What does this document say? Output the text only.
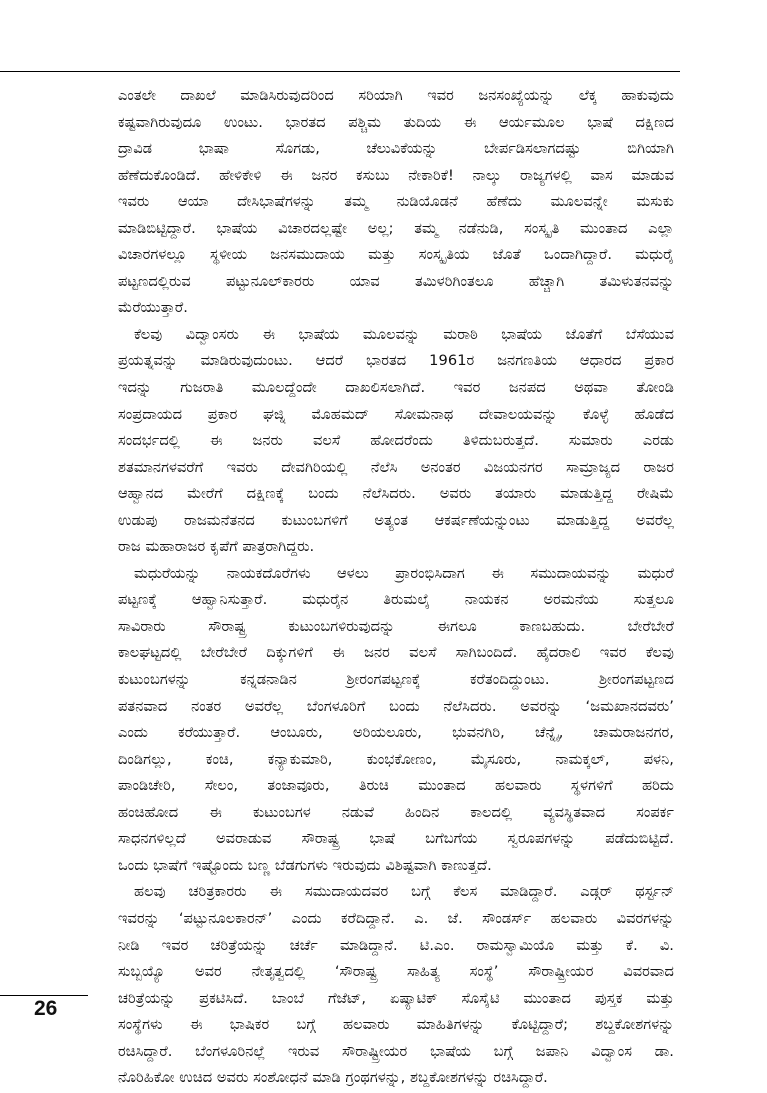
ಎಂತಲೇ ದಾಖಲೆ ಮಾಡಿಸಿರುವುದರಿಂದ ಸರಿಯಾಗಿ ಇವರ ಜನಸಂಖ್ಯೆಯನ್ನು ಲೆಕ್ಕ ಹಾಕುವುದು
ಕಷ್ಟವಾಗಿರುವುದೂ ಉಂಟು. ಭಾರತದ ಪಶ್ಚಿಮ ತುದಿಯ ಈ ಆರ್ಯಮೂಲ ಭಾಷೆ ದಕ್ಷಿಣದ
ದ್ರಾವಿಡ ಭಾಷಾ ಸೊಗಡು, ಚೆಲುವಿಕೆಯನ್ನು ಬೇರ್ಪಡಿಸಲಾಗದಷ್ಟು ಬಿಗಿಯಾಗಿ
ಹೆಣೆದುಕೊಂಡಿದೆ. ಹೇಳಿಕೇಳಿ ಈ ಜನರ ಕಸುಬು ನೇಕಾರಿಕೆ! ನಾಲ್ಕು ರಾಜ್ಯಗಳಲ್ಲಿ ವಾಸ ಮಾಡುವ
ಇವರು ಆಯಾ ದೇಸಿಭಾಷೆಗಳನ್ನು ತಮ್ಮ ನುಡಿಯೊಡನೆ ಹೆಣೆದು ಮೂಲವನ್ನೇ ಮಸುಕು
ಮಾಡಿಬಿಟ್ಟಿದ್ದಾರೆ. ಭಾಷೆಯ ವಿಚಾರದಲ್ಲಷ್ಟೇ ಅಲ್ಲ; ತಮ್ಮ ನಡೆನುಡಿ, ಸಂಸ್ಕೃತಿ ಮುಂತಾದ ಎಲ್ಲಾ
ವಿಚಾರಗಳಲ್ಲೂ ಸ್ಥಳೀಯ ಜನಸಮುದಾಯ ಮತ್ತು ಸಂಸ್ಕೃತಿಯ ಜೊತೆ ಒಂದಾಗಿದ್ದಾರೆ. ಮಧುರೈ
ಪಟ್ಟಣದಲ್ಲಿರುವ ಪಟ್ಟುನೂಲ್‌ಕಾರರು ಯಾವ ತಮಿಳರಿಗಿಂತಲೂ ಹೆಚ್ಚಾಗಿ ತಮಿಳುತನವನ್ನು
ಮೆರೆಯುತ್ತಾರೆ.
ಕೆಲವು ವಿದ್ವಾಂಸರು ಈ ಭಾಷೆಯ ಮೂಲವನ್ನು ಮರಾಠಿ ಭಾಷೆಯ ಜೊತೆಗೆ ಬೆಸೆಯುವ
ಪ್ರಯತ್ನವನ್ನು ಮಾಡಿರುವುದುಂಟು. ಆದರೆ ಭಾರತದ 1961ರ ಜನಗಣತಿಯ ಆಧಾರದ ಪ್ರಕಾರ
ಇದನ್ನು ಗುಜರಾತಿ ಮೂಲದ್ದೆಂದೇ ದಾಖಲಿಸಲಾಗಿದೆ. ಇವರ ಜನಪದ ಅಥವಾ ತೋಂಡಿ
ಸಂಪ್ರದಾಯದ ಪ್ರಕಾರ ಘಜ್ನಿ ಮೊಹಮದ್ ಸೋಮನಾಥ ದೇವಾಲಯವನ್ನು ಕೊಳ್ಳೆ ಹೊಡೆದ
ಸಂದರ್ಭದಲ್ಲಿ ಈ ಜನರು ವಲಸೆ ಹೋದರೆಂದು ತಿಳಿದುಬರುತ್ತದೆ. ಸುಮಾರು ಎರಡು
ಶತಮಾನಗಳವರೆಗೆ ಇವರು ದೇವಗಿರಿಯಲ್ಲಿ ನೆಲೆಸಿ ಅನಂತರ ವಿಜಯನಗರ ಸಾಮ್ರಾಜ್ಯದ ರಾಜರ
ಆಹ್ವಾನದ ಮೇರೆಗೆ ದಕ್ಷಿಣಕ್ಕೆ ಬಂದು ನೆಲೆಸಿದರು. ಅವರು ತಯಾರು ಮಾಡುತ್ತಿದ್ದ ರೇಷಿಮೆ
ಉಡುಪು ರಾಜಮನೆತನದ ಕುಟುಂಬಗಳಿಗೆ ಅತ್ಯಂತ ಆಕರ್ಷಣೆಯನ್ನುಂಟು ಮಾಡುತ್ತಿದ್ದ ಅವರೆಲ್ಲ
ರಾಜ ಮಹಾರಾಜರ ಕೃಪೆಗೆ ಪಾತ್ರರಾಗಿದ್ದರು.
ಮಧುರೆಯನ್ನು ನಾಯಕದೊರೆಗಳು ಆಳಲು ಪ್ರಾರಂಭಿಸಿದಾಗ ಈ ಸಮುದಾಯವನ್ನು ಮಧುರೆ
ಪಟ್ಟಣಕ್ಕೆ ಆಹ್ವಾನಿಸುತ್ತಾರೆ. ಮಧುರೈನ ತಿರುಮಲೈ ನಾಯಕನ ಅರಮನೆಯ ಸುತ್ತಲೂ
ಸಾವಿರಾರು ಸೌರಾಷ್ಟ್ರ ಕುಟುಂಬಗಳಿರುವುದನ್ನು ಈಗಲೂ ಕಾಣಬಹುದು. ಬೇರೆಬೇರೆ
ಕಾಲಘಟ್ಟದಲ್ಲಿ ಬೇರೆಬೇರೆ ದಿಕ್ಕುಗಳಿಗೆ ಈ ಜನರ ವಲಸೆ ಸಾಗಿಬಂದಿದೆ. ಹೈದರಾಲಿ ಇವರ ಕೆಲವು
ಕುಟುಂಬಗಳನ್ನು ಕನ್ನಡನಾಡಿನ ಶ್ರೀರಂಗಪಟ್ಟಣಕ್ಕೆ ಕರೆತಂದಿದ್ದುಂಟು. ಶ್ರೀರಂಗಪಟ್ಟಣದ
ಪತನವಾದ ನಂತರ ಅವರೆಲ್ಲ ಬೆಂಗಳೂರಿಗೆ ಬಂದು ನೆಲೆಸಿದರು. ಅವರನ್ನು ‘ಜಮಖಾನದವರು’
ಎಂದು ಕರೆಯುತ್ತಾರೆ. ಆಂಬೂರು, ಅರಿಯಲೂರು, ಭುವನಗಿರಿ, ಚೆನ್ನೈ, ಚಾಮರಾಜನಗರ,
ದಿಂಡಿಗಲ್ಲು, ಕಂಚಿ, ಕನ್ಯಾಕುಮಾರಿ, ಕುಂಭಕೋಣಂ, ಮೈಸೂರು, ನಾಮಕ್ಕಲ್, ಪಳನಿ,
ಪಾಂಡಿಚೇರಿ, ಸೇಲಂ, ತಂಜಾವೂರು, ತಿರುಚಿ ಮುಂತಾದ ಹಲವಾರು ಸ್ಥಳಗಳಿಗೆ ಹರಿದು
ಹಂಚಿಹೋದ ಈ ಕುಟುಂಬಗಳ ನಡುವೆ ಹಿಂದಿನ ಕಾಲದಲ್ಲಿ ವ್ಯವಸ್ಥಿತವಾದ ಸಂಪರ್ಕ
ಸಾಧನಗಳಿಲ್ಲದೆ ಅವರಾಡುವ ಸೌರಾಷ್ಟ್ರ ಭಾಷೆ ಬಗೆಬಗೆಯ ಸ್ವರೂಪಗಳನ್ನು ಪಡೆದುಬಿಟ್ಟಿದೆ.
ಒಂದು ಭಾಷೆಗೆ ಇಷ್ಟೊಂದು ಬಣ್ಣ ಬೆಡಗುಗಳು ಇರುವುದು ವಿಶಿಷ್ಟವಾಗಿ ಕಾಣುತ್ತದೆ.
ಹಲವು ಚರಿತ್ರಕಾರರು ಈ ಸಮುದಾಯದವರ ಬಗ್ಗೆ ಕೆಲಸ ಮಾಡಿದ್ದಾರೆ. ಎಡ್ಗರ್ ಥರ್ಸ್ಟನ್
ಇವರನ್ನು ‘ಪಟ್ಟುನೂಲಕಾರನ್’ ಎಂದು ಕರೆದಿದ್ದಾನೆ. ಎ. ಜೆ. ಸೌಂಡರ್ಸ್ ಹಲವಾರು ವಿವರಗಳನ್ನು
ನೀಡಿ ಇವರ ಚರಿತ್ರೆಯನ್ನು ಚರ್ಚೆ ಮಾಡಿದ್ದಾನೆ. ಟಿ.ಎಂ. ರಾಮಸ್ವಾಮಿಯೊ ಮತ್ತು ಕೆ. ವಿ.
ಸುಬ್ಬಯ್ಯೊ ಅವರ ನೇತೃತ್ವದಲ್ಲಿ ‘ಸೌರಾಷ್ಟ್ರ ಸಾಹಿತ್ಯ ಸಂಸ್ಥೆ’ ಸೌರಾಷ್ಟ್ರೀಯರ ವಿವರವಾದ
ಚರಿತ್ರೆಯನ್ನು ಪ್ರಕಟಿಸಿದೆ. ಬಾಂಬೆ ಗೆಜೆಟ್, ಏಷ್ಯಾಟಿಕ್ ಸೊಸೈಟಿ ಮುಂತಾದ ಪುಸ್ತಕ ಮತ್ತು
ಸಂಸ್ಥೆಗಳು ಈ ಭಾಷಿಕರ ಬಗ್ಗೆ ಹಲವಾರು ಮಾಹಿತಿಗಳನ್ನು ಕೊಟ್ಟಿದ್ದಾರೆ; ಶಬ್ದಕೋಶಗಳನ್ನು
ರಚಿಸಿದ್ದಾರೆ. ಬೆಂಗಳೂರಿನಲ್ಲೆ ಇರುವ ಸೌರಾಷ್ಟ್ರೀಯರ ಭಾಷೆಯ ಬಗ್ಗೆ ಜಪಾನಿ ವಿದ್ವಾಂಸ ಡಾ.
ನೊರಿಹಿಕೋ ಉಚಿದ ಅವರು ಸಂಶೋಧನೆ ಮಾಡಿ ಗ್ರಂಥಗಳನ್ನು, ಶಬ್ದಕೋಶಗಳನ್ನು ರಚಿಸಿದ್ದಾರೆ.
26
